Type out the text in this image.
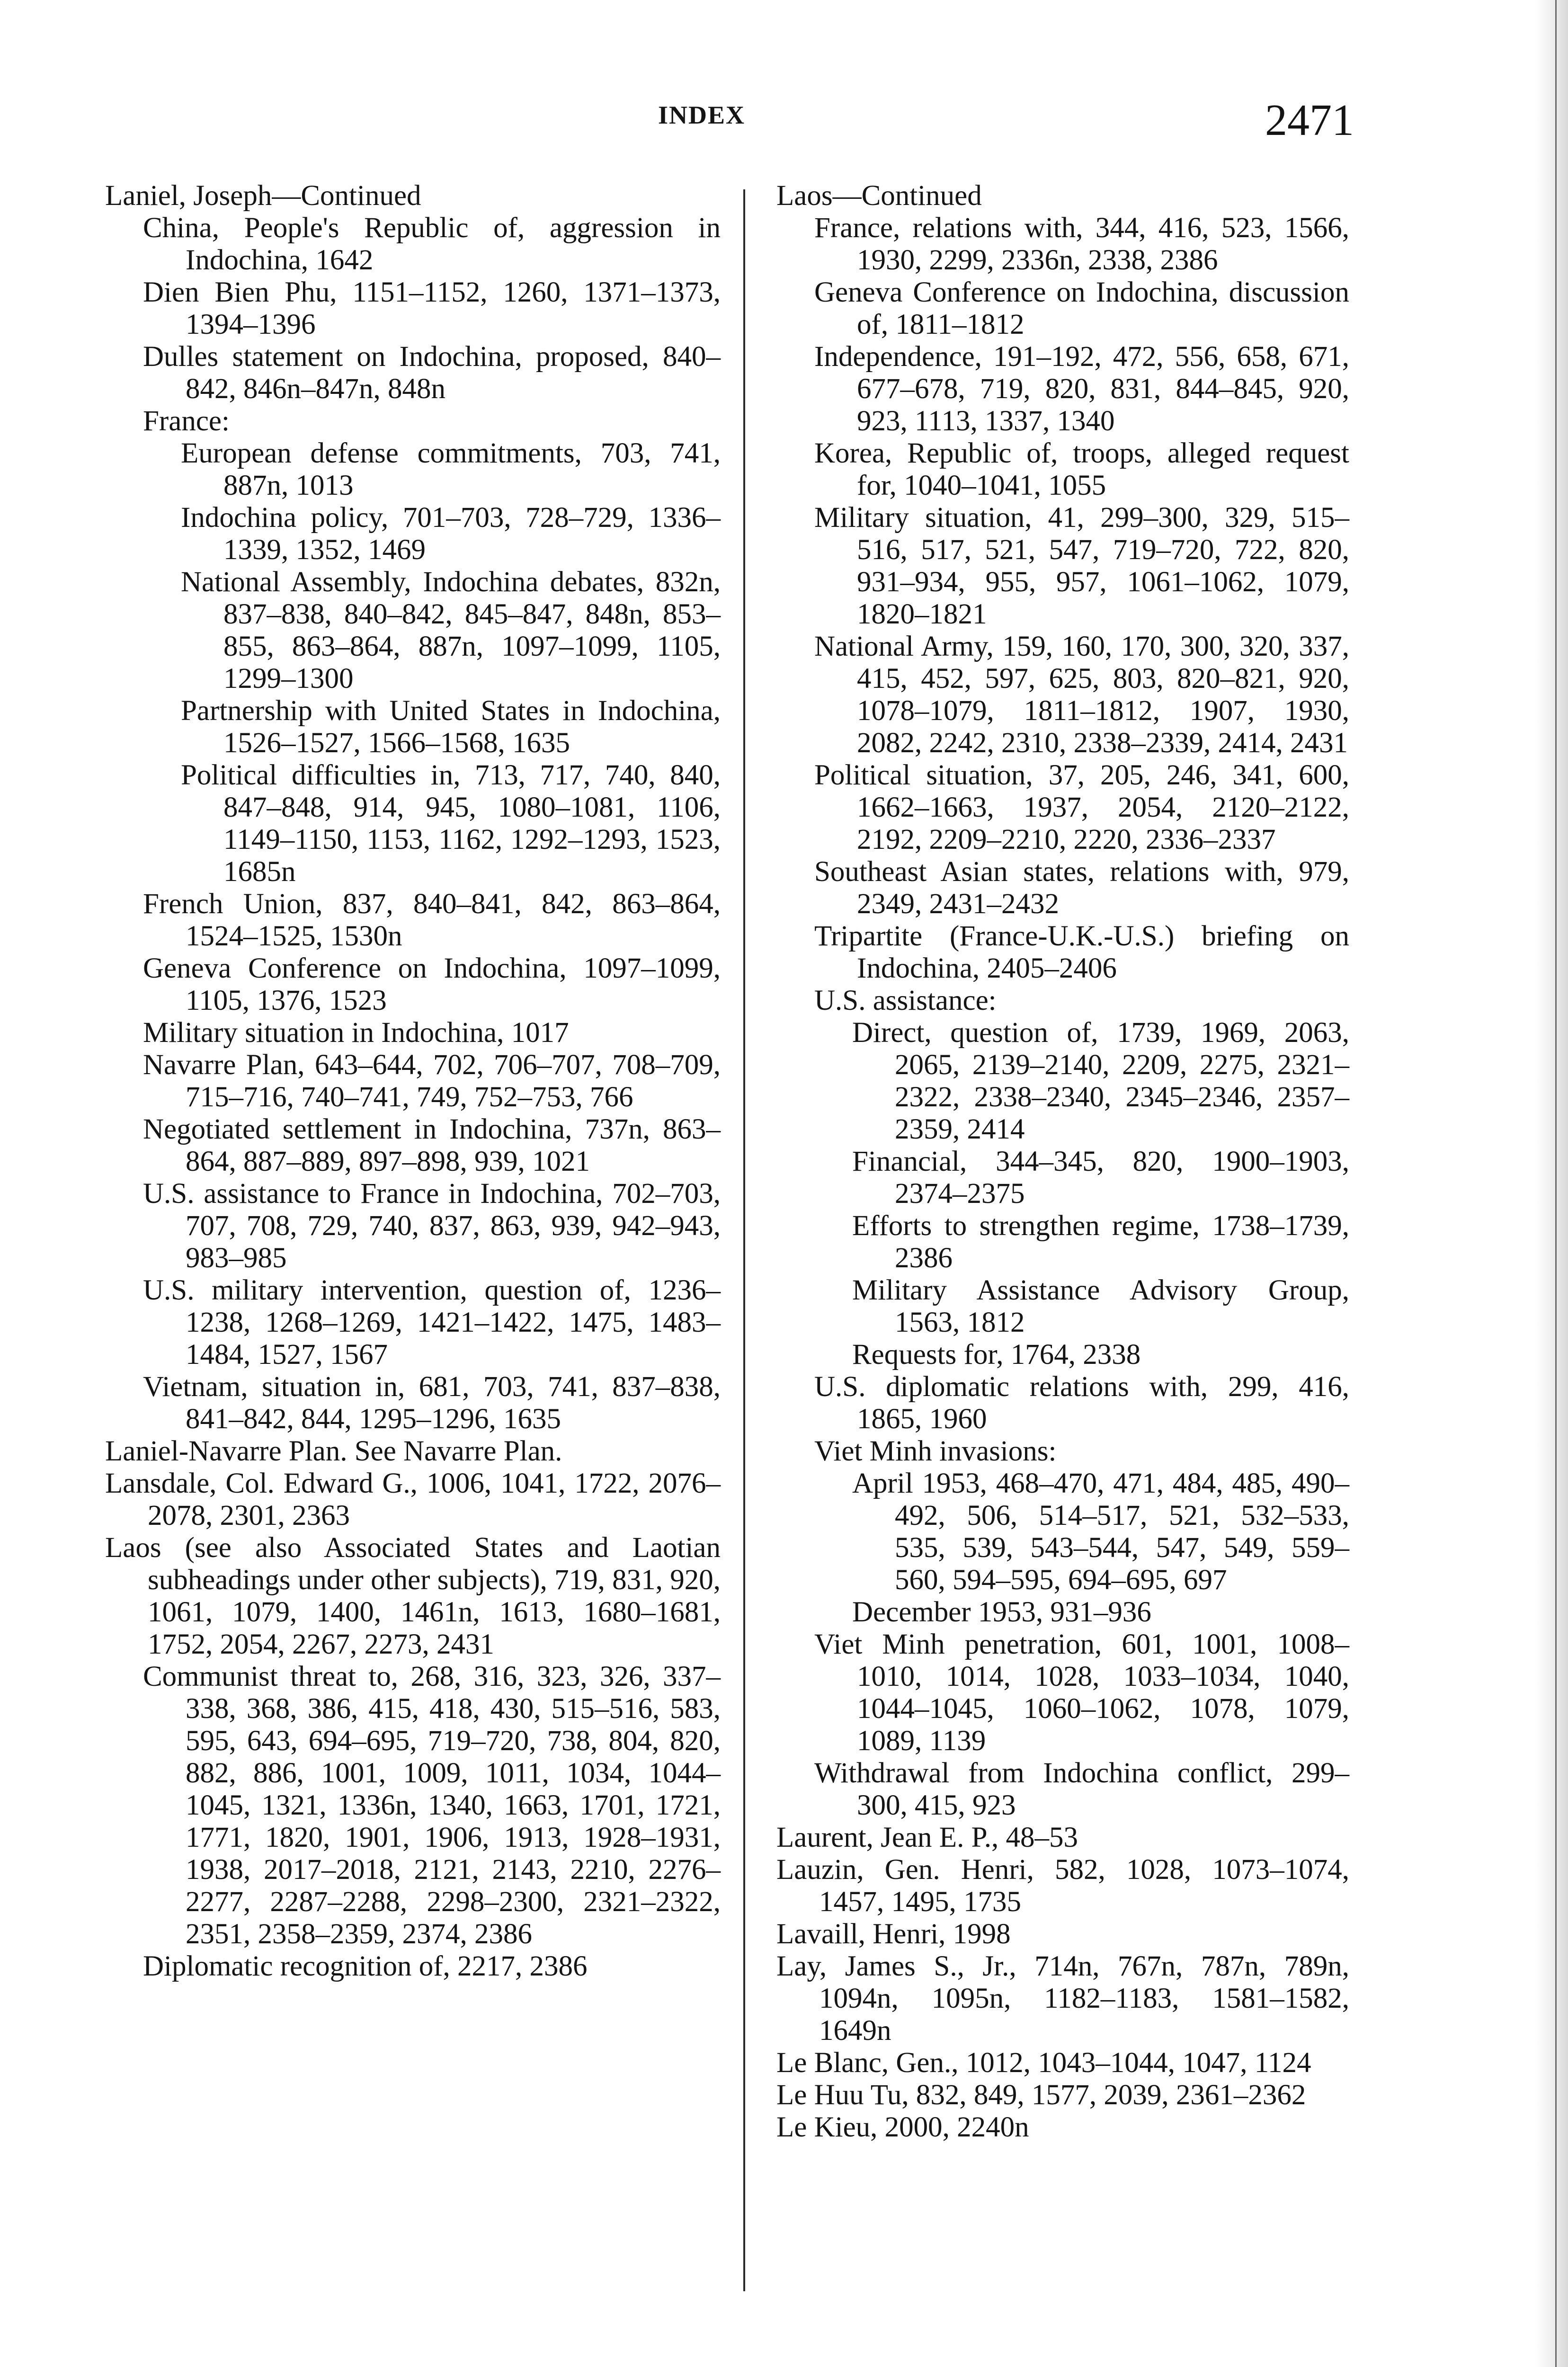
INDEX	2471
Laniel, Joseph—Continued
China, People's Republic of, aggression in Indochina, 1642
Dien Bien Phu, 1151–1152, 1260, 1371–1373, 1394–1396
Dulles statement on Indochina, proposed, 840–842, 846n–847n, 848n
France:
European defense commitments, 703, 741, 887n, 1013
Indochina policy, 701–703, 728–729, 1336–1339, 1352, 1469
National Assembly, Indochina debates, 832n, 837–838, 840–842, 845–847, 848n, 853–855, 863–864, 887n, 1097–1099, 1105, 1299–1300
Partnership with United States in Indochina, 1526–1527, 1566–1568, 1635
Political difficulties in, 713, 717, 740, 840, 847–848, 914, 945, 1080–1081, 1106, 1149–1150, 1153, 1162, 1292–1293, 1523, 1685n
French Union, 837, 840–841, 842, 863–864, 1524–1525, 1530n
Geneva Conference on Indochina, 1097–1099, 1105, 1376, 1523
Military situation in Indochina, 1017
Navarre Plan, 643–644, 702, 706–707, 708–709, 715–716, 740–741, 749, 752–753, 766
Negotiated settlement in Indochina, 737n, 863–864, 887–889, 897–898, 939, 1021
U.S. assistance to France in Indochina, 702–703, 707, 708, 729, 740, 837, 863, 939, 942–943, 983–985
U.S. military intervention, question of, 1236–1238, 1268–1269, 1421–1422, 1475, 1483–1484, 1527, 1567
Vietnam, situation in, 681, 703, 741, 837–838, 841–842, 844, 1295–1296, 1635
Laniel-Navarre Plan. See Navarre Plan.
Lansdale, Col. Edward G., 1006, 1041, 1722, 2076–2078, 2301, 2363
Laos (see also Associated States and Laotian subheadings under other subjects), 719, 831, 920, 1061, 1079, 1400, 1461n, 1613, 1680–1681, 1752, 2054, 2267, 2273, 2431
Communist threat to, 268, 316, 323, 326, 337–338, 368, 386, 415, 418, 430, 515–516, 583, 595, 643, 694–695, 719–720, 738, 804, 820, 882, 886, 1001, 1009, 1011, 1034, 1044–1045, 1321, 1336n, 1340, 1663, 1701, 1721, 1771, 1820, 1901, 1906, 1913, 1928–1931, 1938, 2017–2018, 2121, 2143, 2210, 2276–2277, 2287–2288, 2298–2300, 2321–2322, 2351, 2358–2359, 2374, 2386
Diplomatic recognition of, 2217, 2386
Laos—Continued
France, relations with, 344, 416, 523, 1566, 1930, 2299, 2336n, 2338, 2386
Geneva Conference on Indochina, discussion of, 1811–1812
Independence, 191–192, 472, 556, 658, 671, 677–678, 719, 820, 831, 844–845, 920, 923, 1113, 1337, 1340
Korea, Republic of, troops, alleged request for, 1040–1041, 1055
Military situation, 41, 299–300, 329, 515–516, 517, 521, 547, 719–720, 722, 820, 931–934, 955, 957, 1061–1062, 1079, 1820–1821
National Army, 159, 160, 170, 300, 320, 337, 415, 452, 597, 625, 803, 820–821, 920, 1078–1079, 1811–1812, 1907, 1930, 2082, 2242, 2310, 2338–2339, 2414, 2431
Political situation, 37, 205, 246, 341, 600, 1662–1663, 1937, 2054, 2120–2122, 2192, 2209–2210, 2220, 2336–2337
Southeast Asian states, relations with, 979, 2349, 2431–2432
Tripartite (France-U.K.-U.S.) briefing on Indochina, 2405–2406
U.S. assistance:
Direct, question of, 1739, 1969, 2063, 2065, 2139–2140, 2209, 2275, 2321–2322, 2338–2340, 2345–2346, 2357–2359, 2414
Financial, 344–345, 820, 1900–1903, 2374–2375
Efforts to strengthen regime, 1738–1739, 2386
Military Assistance Advisory Group, 1563, 1812
Requests for, 1764, 2338
U.S. diplomatic relations with, 299, 416, 1865, 1960
Viet Minh invasions:
April 1953, 468–470, 471, 484, 485, 490–492, 506, 514–517, 521, 532–533, 535, 539, 543–544, 547, 549, 559–560, 594–595, 694–695, 697
December 1953, 931–936
Viet Minh penetration, 601, 1001, 1008–1010, 1014, 1028, 1033–1034, 1040, 1044–1045, 1060–1062, 1078, 1079, 1089, 1139
Withdrawal from Indochina conflict, 299–300, 415, 923
Laurent, Jean E. P., 48–53
Lauzin, Gen. Henri, 582, 1028, 1073–1074, 1457, 1495, 1735
Lavaill, Henri, 1998
Lay, James S., Jr., 714n, 767n, 787n, 789n, 1094n, 1095n, 1182–1183, 1581–1582, 1649n
Le Blanc, Gen., 1012, 1043–1044, 1047, 1124
Le Huu Tu, 832, 849, 1577, 2039, 2361–2362
Le Kieu, 2000, 2240n
